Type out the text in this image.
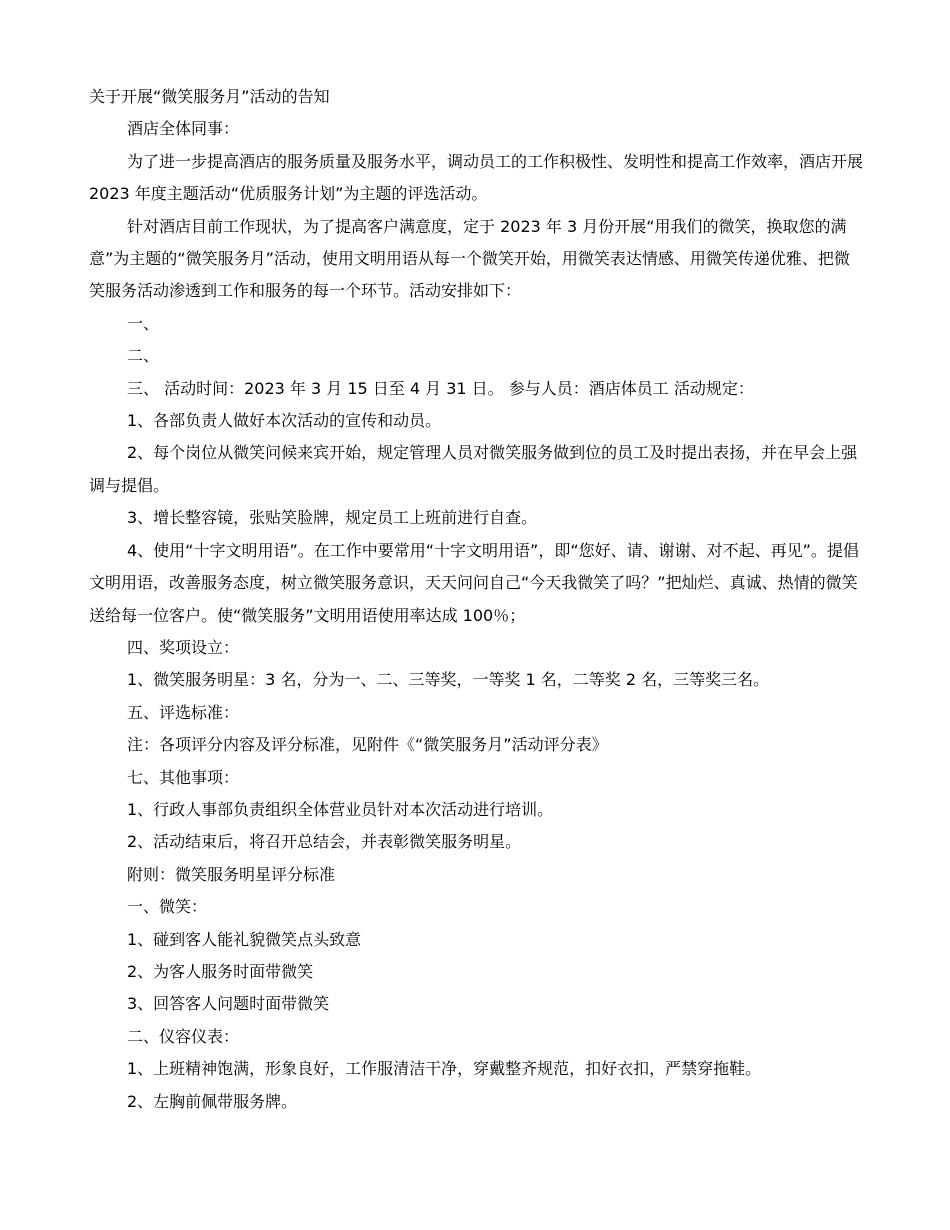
关于开展“微笑服务月”活动的告知

酒店全体同事：

为了进一步提高酒店的服务质量及服务水平，调动员工的工作积极性、发明性和提高工作效率，酒店开展 2023 年度主题活动“优质服务计划”为主题的评选活动。

针对酒店目前工作现状，为了提高客户满意度，定于 2023 年 3 月份开展“用我们的微笑，换取您的满意”为主题的“微笑服务月”活动，使用文明用语从每一个微笑开始，用微笑表达情感、用微笑传递优雅、把微笑服务活动渗透到工作和服务的每一个环节。活动安排如下：

一、

二、

三、 活动时间：2023 年 3 月 15 日至 4 月 31 日。 参与人员：酒店体员工 活动规定：

1、各部负责人做好本次活动的宣传和动员。

2、每个岗位从微笑问候来宾开始，规定管理人员对微笑服务做到位的员工及时提出表扬，并在早会上强调与提倡。

3、增长整容镜，张贴笑脸牌，规定员工上班前进行自查。

4、使用“十字文明用语”。在工作中要常用“十字文明用语”，即“您好、请、谢谢、对不起、再见”。提倡文明用语，改善服务态度，树立微笑服务意识，天天问问自己“今天我微笑了吗？”把灿烂、真诚、热情的微笑送给每一位客户。使“微笑服务”文明用语使用率达成 100％；

四、奖项设立：

1、微笑服务明星：3 名，分为一、二、三等奖，一等奖 1 名，二等奖 2 名，三等奖三名。

五、评选标准：

注：各项评分内容及评分标准，见附件《“微笑服务月”活动评分表》

七、其他事项：

1、行政人事部负责组织全体营业员针对本次活动进行培训。

2、活动结束后，将召开总结会，并表彰微笑服务明星。

附则：微笑服务明星评分标准

一、微笑：

1、碰到客人能礼貌微笑点头致意

2、为客人服务时面带微笑

3、回答客人问题时面带微笑

二、仪容仪表：

1、上班精神饱满，形象良好，工作服清洁干净，穿戴整齐规范，扣好衣扣，严禁穿拖鞋。

2、左胸前佩带服务牌。
